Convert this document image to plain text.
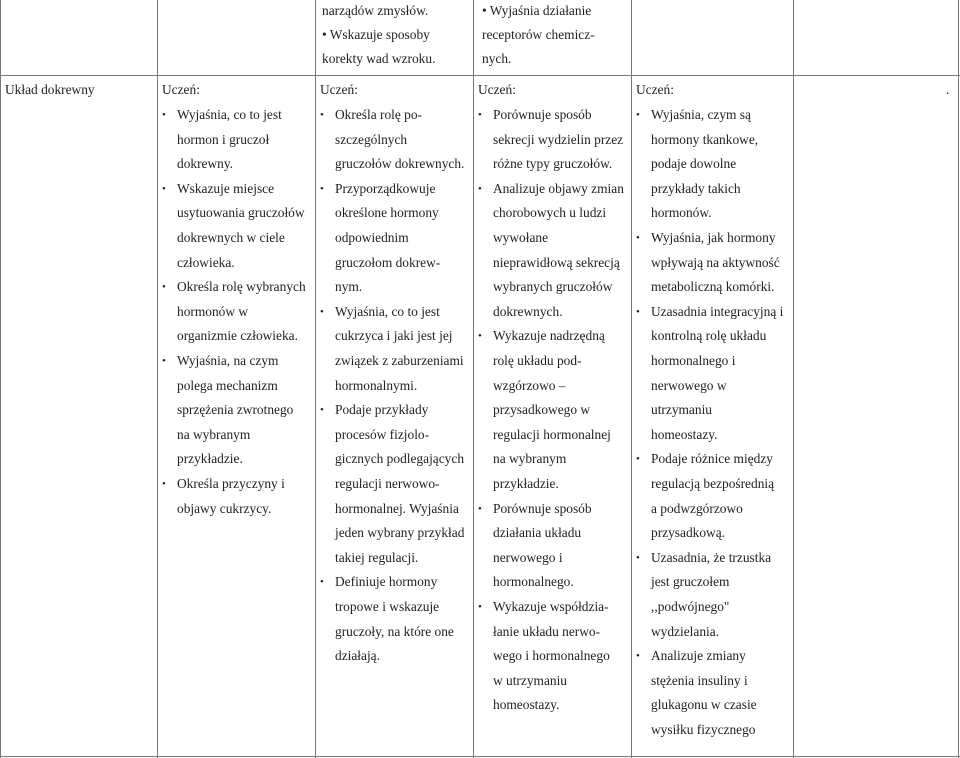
narządów zmysłów.
• Wskazuje sposoby
korekty wad wzroku.
• Wyjaśnia działanie
receptorów chemicz-
nych.
Układ dokrewny	.
Uczeń:
• Wyjaśnia, co to jest
hormon i gruczoł
dokrewny.
• Wskazuje miejsce
usytuowania gruczołów
dokrewnych w ciele
człowieka.
• Określa rolę wybranych
hormonów w
organizmie człowieka.
• Wyjaśnia, na czym
polega mechanizm
sprzężenia zwrotnego
na wybranym
przykładzie.
• Określa przyczyny i
objawy cukrzycy.
Uczeń:
• Określa rolę po-
szczególnych
gruczołów dokrewnych.
• Przyporządkowuje
określone hormony
odpowiednim
gruczołom dokrew-
nym.
• Wyjaśnia, co to jest
cukrzyca i jaki jest jej
związek z zaburzeniami
hormonalnymi.
• Podaje przykłady
procesów fizjolo-
gicznych podlegających
regulacji nerwowo-
hormonalnej. Wyjaśnia
jeden wybrany przykład
takiej regulacji.
• Definiuje hormony
tropowe i wskazuje
gruczoły, na które one
działają.
Uczeń:
• Porównuje sposób
sekrecji wydzielin przez
różne typy gruczołów.
• Analizuje objawy zmian
chorobowych u ludzi
wywołane
nieprawidłową sekrecją
wybranych gruczołów
dokrewnych.
• Wykazuje nadrzędną
rolę układu pod-
wzgórzowo –
przysadkowego w
regulacji hormonalnej
na wybranym
przykładzie.
• Porównuje sposób
działania układu
nerwowego i
hormonalnego.
• Wykazuje współdzia-
łanie układu nerwo-
wego i hormonalnego
w utrzymaniu
homeostazy.
Uczeń:
• Wyjaśnia, czym są
hormony tkankowe,
podaje dowolne
przykłady takich
hormonów.
• Wyjaśnia, jak hormony
wpływają na aktywność
metaboliczną komórki.
• Uzasadnia integracyjną i
kontrolną rolę układu
hormonalnego i
nerwowego w
utrzymaniu
homeostazy.
• Podaje różnice między
regulacją bezpośrednią
a podwzgórzowo
przysadkową.
• Uzasadnia, że trzustka
jest gruczołem
,,podwójnego"
wydzielania.
• Analizuje zmiany
stężenia insuliny i
glukagonu w czasie
wysiłku fizycznego
